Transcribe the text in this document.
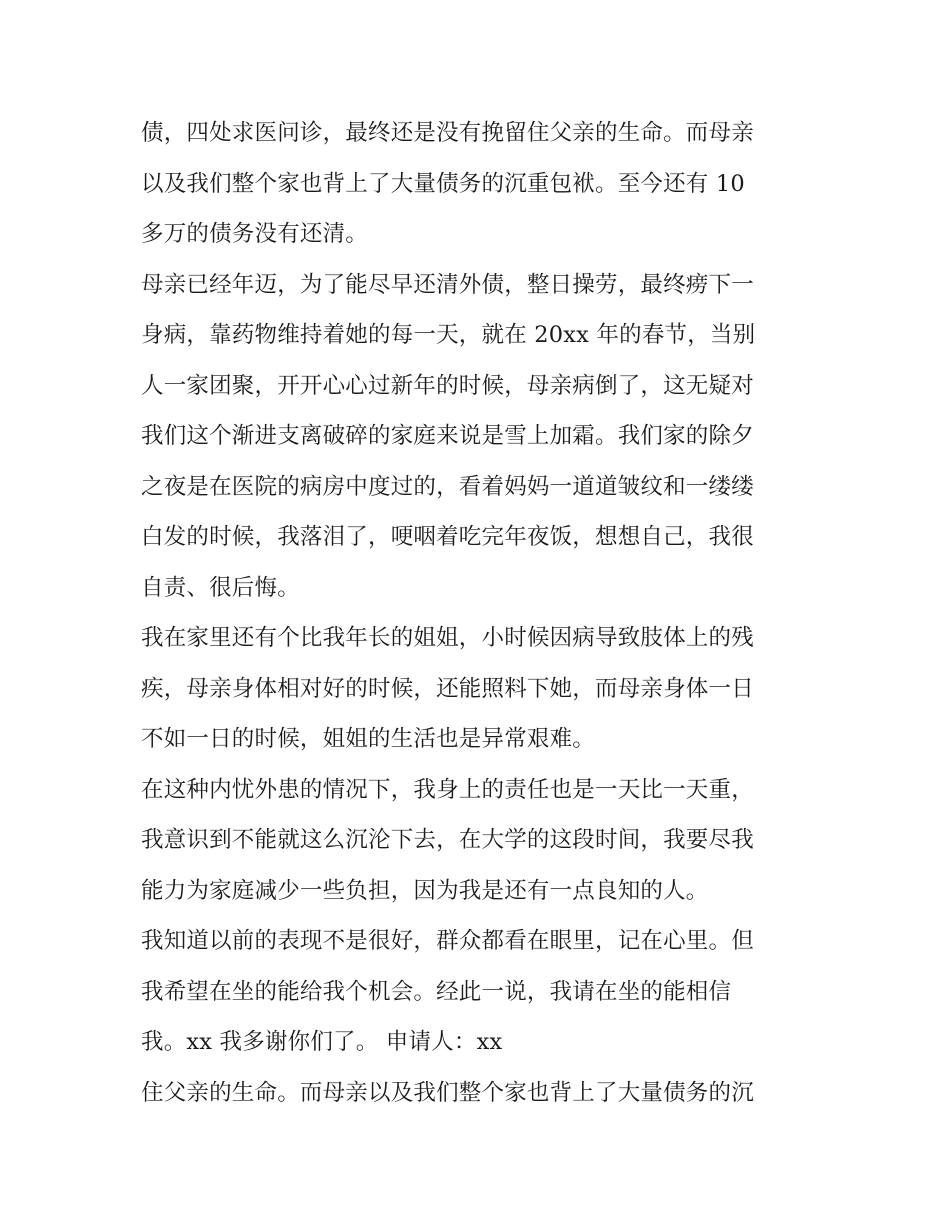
债，四处求医问诊，最终还是没有挽留住父亲的生命。而母亲
以及我们整个家也背上了大量债务的沉重包袱。至今还有 10
多万的债务没有还清。
母亲已经年迈，为了能尽早还清外债，整日操劳，最终痨下一
身病，靠药物维持着她的每一天，就在 20xx 年的春节，当别
人一家团聚，开开心心过新年的时候，母亲病倒了，这无疑对
我们这个渐进支离破碎的家庭来说是雪上加霜。我们家的除夕
之夜是在医院的病房中度过的，看着妈妈一道道皱纹和一缕缕
白发的时候，我落泪了，哽咽着吃完年夜饭，想想自己，我很
自责、很后悔。
我在家里还有个比我年长的姐姐，小时候因病导致肢体上的残
疾，母亲身体相对好的时候，还能照料下她，而母亲身体一日
不如一日的时候，姐姐的生活也是异常艰难。
在这种内忧外患的情况下，我身上的责任也是一天比一天重，
我意识到不能就这么沉沦下去，在大学的这段时间，我要尽我
能力为家庭减少一些负担，因为我是还有一点良知的人。
我知道以前的表现不是很好，群众都看在眼里，记在心里。但
我希望在坐的能给我个机会。经此一说，我请在坐的能相信
我。xx 我多谢你们了。 申请人：xx
住父亲的生命。而母亲以及我们整个家也背上了大量债务的沉
